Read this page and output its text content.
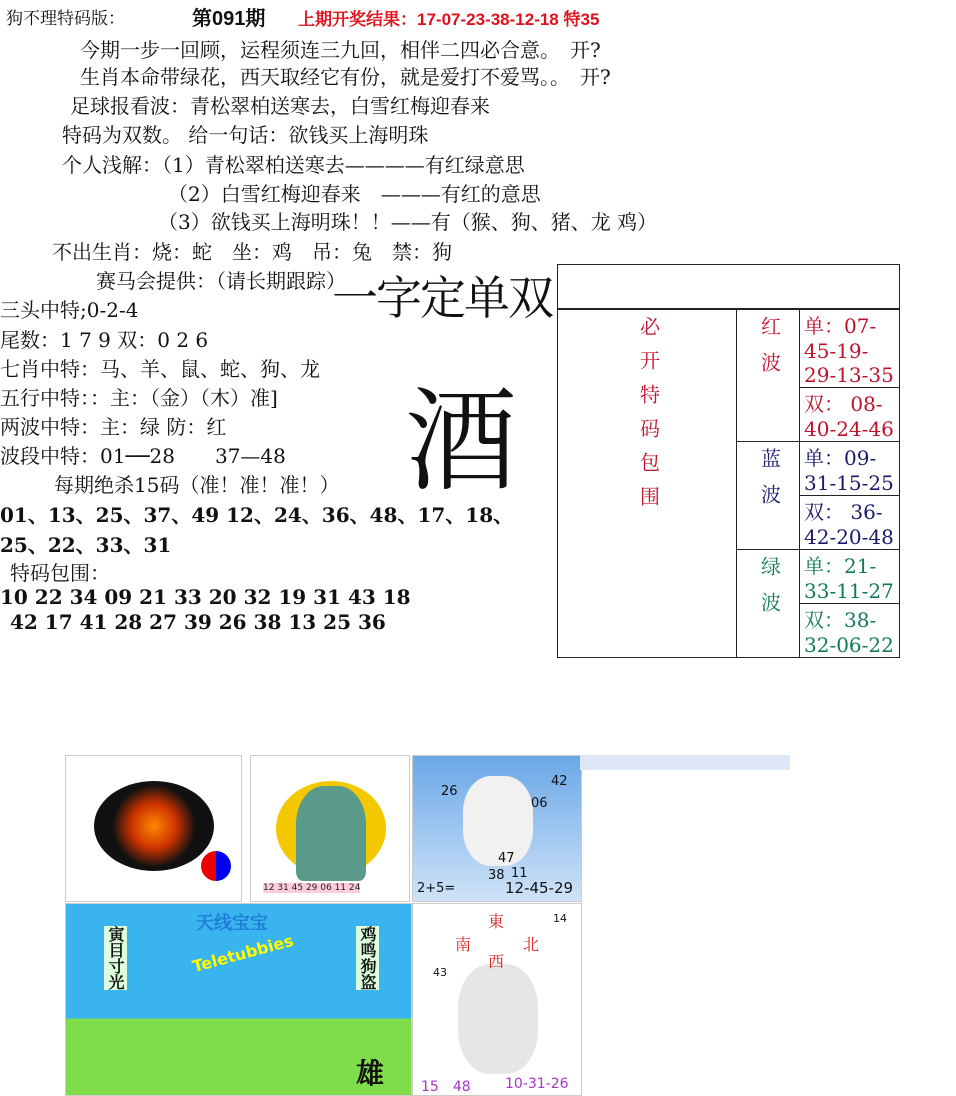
狗不理特码版：	第091期 上期开奖结果：17-07-23-38-12-18 特35
今期一步一回顾，运程须连三九回，相伴二四必合意。　开?
生肖本命带绿花，西天取经它有份，就是爱打不爱骂。。　开?
足球报看波：青松翠柏送寒去，白雪红梅迎春来
特码为双数。 给一句话：欲钱买上海明珠
个人浅解：（1）青松翠柏送寒去————有红绿意思
（2）白雪红梅迎春来　———有红的意思
（3）欲钱买上海明珠！！——有（猴、狗、猪、龙 鸡）
不出生肖：烧：蛇　坐：鸡　吊：兔　禁：狗
赛马会提供：（请长期跟踪）
三头中特;0-2-4
尾数：1 7 9 双：0 2 6
七肖中特：马、羊、鼠、蛇、狗、龙
五行中特：：主：（金）（木）准]
两波中特：主：绿 防：红
波段中特：01──28　　37—48
每期绝杀15码（准！准！准！）
01、13、25、37、49 12、24、36、48、17、18、
25、22、33、31
特码包围：
10 22 34 09 21 33 20 32 19 31 43 18
42 17 41 28 27 39 26 38 13 25 36
一字定单双
酒	必开特码包围	红波	单：07-45-19-29-13-35
		双： 08-40-24-46
	蓝波	单：09-31-15-25
		双： 36-42-20-48
	绿波	单：21-33-11-27
		双：38-32-06-22
12 31 45 29 06 11 24
26
42
06
47
38 11
2+5=	12-45-29
天线宝宝
Teletubbies
寅目寸光	鸡鸣狗盗
雄
東
南	北
西
14
43
15　48 10-31-26
